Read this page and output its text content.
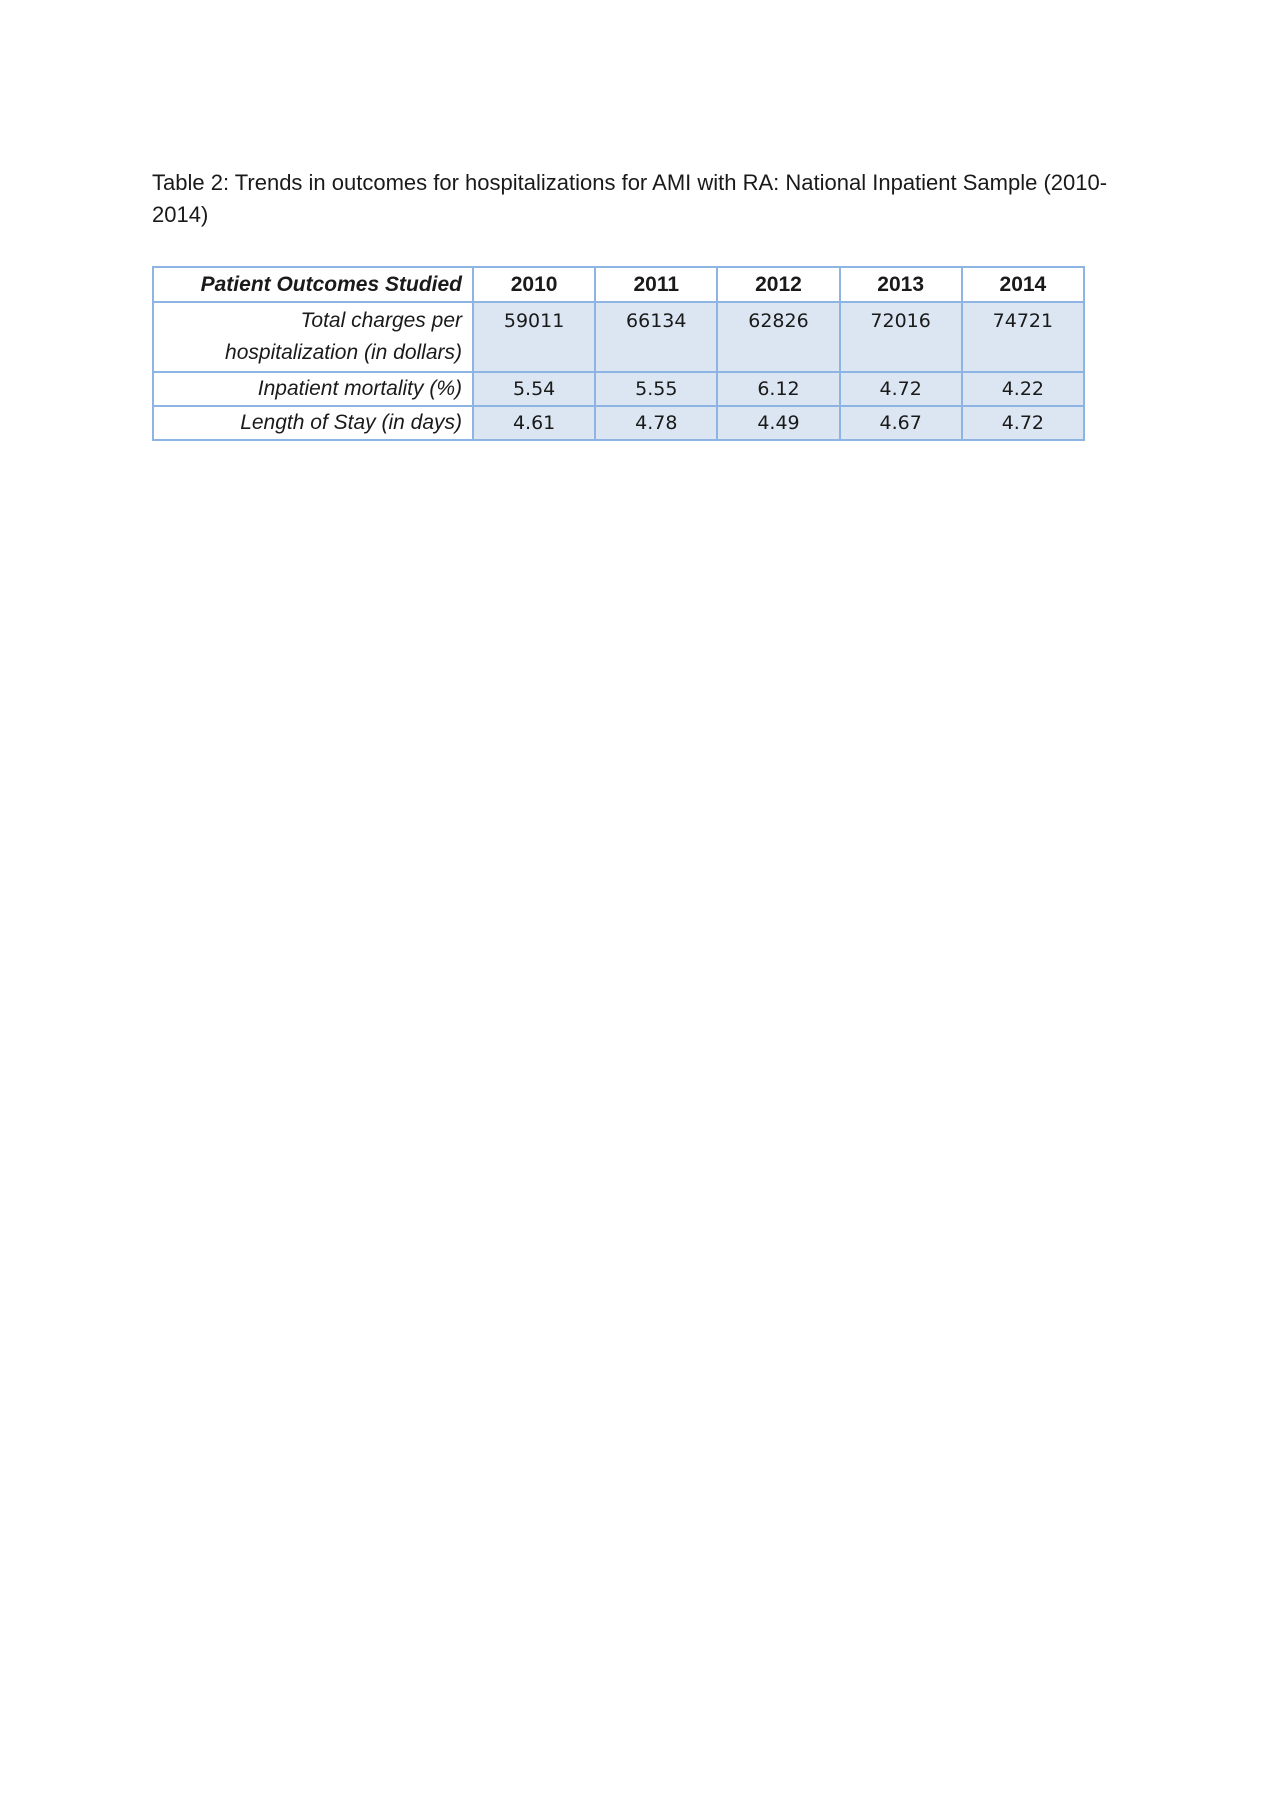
Table 2: Trends in outcomes for hospitalizations for AMI with RA: National Inpatient Sample (2010-2014)

Patient Outcomes Studied	2010	2011	2012	2013	2014
Total charges per hospitalization (in dollars)	59011	66134	62826	72016	74721
Inpatient mortality (%)	5.54	5.55	6.12	4.72	4.22
Length of Stay (in days)	4.61	4.78	4.49	4.67	4.72
